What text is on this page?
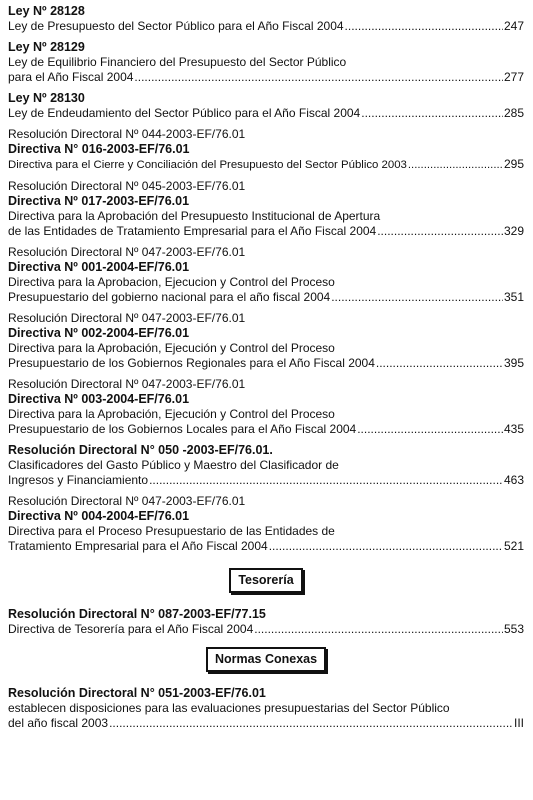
Ley Nº 28128
Ley de Presupuesto del Sector Público para el Año Fiscal 2004 .....	247
Ley Nº 28129
Ley de Equilibrio Financiero del Presupuesto del Sector Público
para el Año Fiscal 2004 .....	277
Ley Nº 28130
Ley de Endeudamiento del Sector Público para el Año Fiscal 2004 .....	285
Resolución Directoral Nº 044-2003-EF/76.01
Directiva N° 016-2003-EF/76.01
Directiva para el Cierre y Conciliación del Presupuesto del Sector Público 2003 .....	295
Resolución Directoral Nº 045-2003-EF/76.01
Directiva Nº 017-2003-EF/76.01
Directiva para la Aprobación del Presupuesto Institucional de Apertura
de las Entidades de Tratamiento Empresarial para el Año Fiscal 2004 .....	329
Resolución Directoral Nº 047-2003-EF/76.01
Directiva Nº 001-2004-EF/76.01
Directiva para la Aprobacion, Ejecucion y Control del Proceso
Presupuestario del gobierno nacional para el año fiscal 2004 .....	351
Resolución Directoral Nº 047-2003-EF/76.01
Directiva Nº 002-2004-EF/76.01
Directiva para la Aprobación, Ejecución y Control del Proceso
Presupuestario de los Gobiernos Regionales para el Año Fiscal 2004 .....	395
Resolución Directoral Nº 047-2003-EF/76.01
Directiva Nº 003-2004-EF/76.01
Directiva para la Aprobación, Ejecución y Control del Proceso
Presupuestario de los Gobiernos Locales para el Año Fiscal 2004 .....	435
Resolución Directoral N° 050 -2003-EF/76.01.
Clasificadores del Gasto Público y Maestro del Clasificador de
Ingresos y Financiamiento .....	463
Resolución Directoral Nº 047-2003-EF/76.01
Directiva Nº 004-2004-EF/76.01
Directiva para el Proceso Presupuestario de las Entidades de
Tratamiento Empresarial para el Año Fiscal 2004 .....	521
Tesorería
Resolución Directoral N° 087-2003-EF/77.15
Directiva de Tesorería para el Año Fiscal 2004 .....	553
Normas Conexas
Resolución Directoral N° 051-2003-EF/76.01
establecen disposiciones para las evaluaciones presupuestarias del Sector Público
del año fiscal 2003 .....	III
